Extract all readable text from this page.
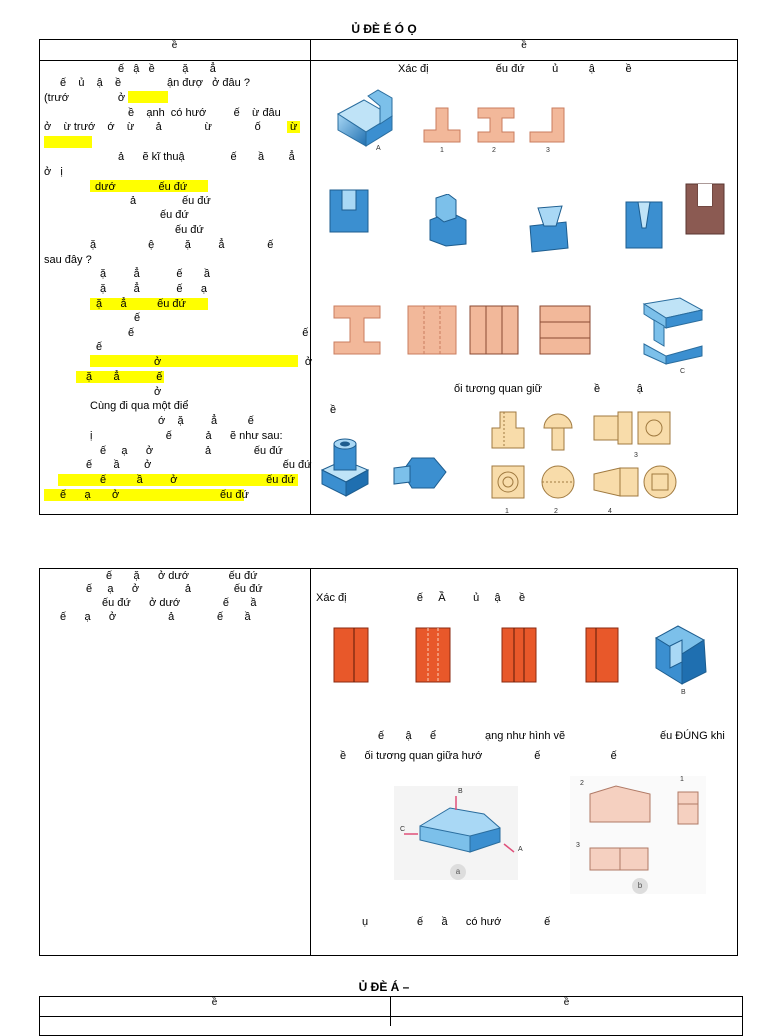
Ủ ĐÈ É Ó Ọ
ề	ề
ế   ậ   ề         ặ       ẳ
ế    ủ    ậ    ề               ận đượ   ở đâu ?
(trướ                ở
ề    ạnh  có hướ         ế    ừ đâu
ở    ừ trướ    ớ    ừ       ả              ừ              ố	ừ
ả      ẽ kĩ thuậ               ế       ầ        ẳ
ở   ị
dướ              ếu đứ
ả               ếu đứ
ếu đứ
ếu đứ
ặ                 ệ          ặ         ẳ              ế
sau đây ?
ặ         ẳ            ế       ầ
ặ         ẳ            ế      ạ
ặ      ẳ          ếu đứ
ế
ế                                                       ế
ế
ở                                               ở
ặ       ẳ            ế
ở
Cùng đi qua một điể
ớ    ặ         ẳ          ế
ị                        ế           ả      ẽ như sau:
ế     ạ      ở                 ả              ếu đứ
ế       ầ        ở                                           ếu đứ
ế          ầ         ở                             ếu đứ
ế      ạ       ở                                 ếu đứ
Xác đị                      ếu đứ         ủ          ậ          ề
A	1	2	3
C
ối tương quan giữ                 ề            ậ
ề
1	2
3
4
ế       ặ      ở dướ             ếu đứ
ế     ạ      ở               ả              ếu đứ
ếu đứ      ở dướ              ế       ầ
ế      ạ      ở                 ả              ế       ầ
Xác đị                       ế     Ầ         ủ     ậ      ề
B
ế       ậ      ể                ạng như hình vẽ	ếu ĐÚNG khi
ề      ối tương quan giữa hướ                 ế                       ế
B
C
A
a
2
1
3
b
ụ                ế      ầ      có hướ              ế
Ủ ĐÈ Á –
ề	ề
